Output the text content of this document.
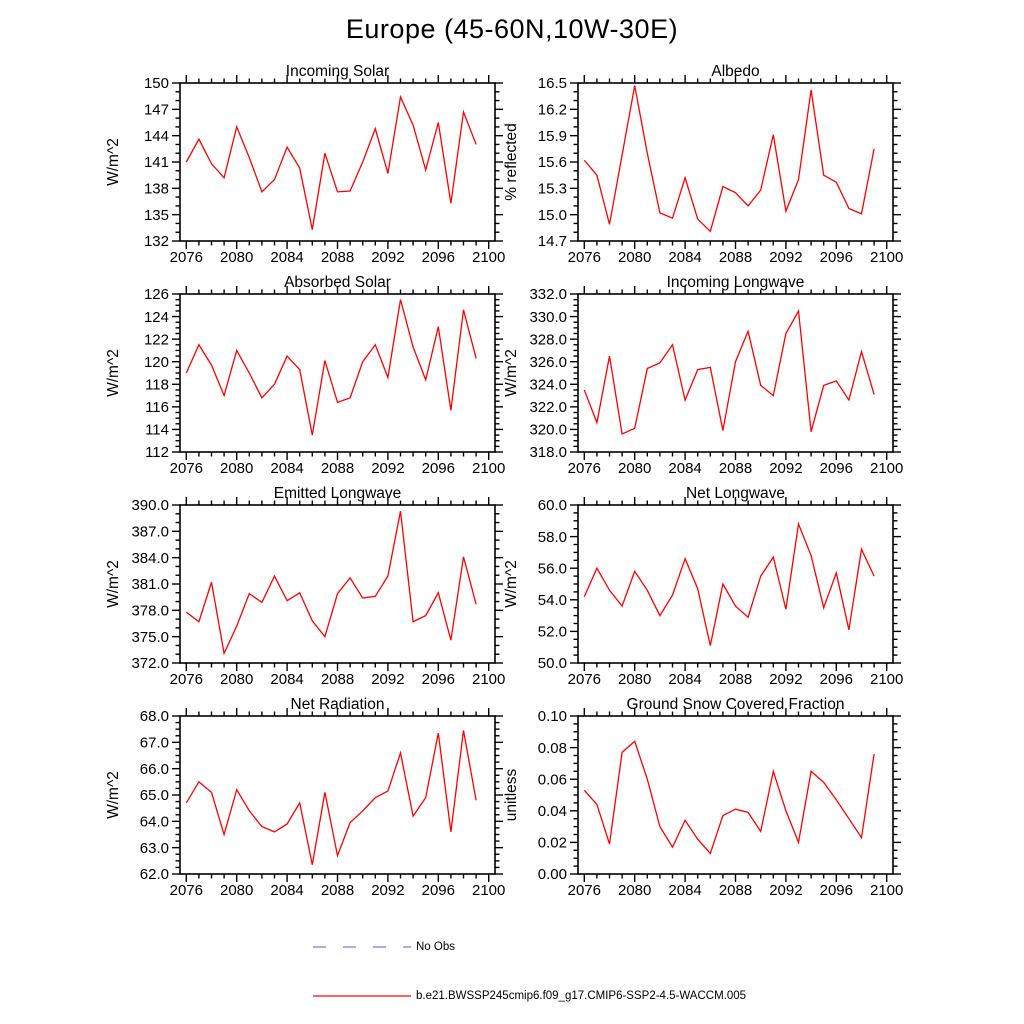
Europe (45-60N,10W-30E)
2076 2080 2084 2088 2092 2096 2100
132
135
138
141
144
147
150
Incoming Solar
W/m^2
2076 2080 2084 2088 2092 2096 2100
14.7
15.0
15.3
15.6
15.9
16.2
16.5
Albedo
% reflected
2076 2080 2084 2088 2092 2096 2100
112
114
116
118
120
122
124
126
Absorbed Solar
W/m^2
2076 2080 2084 2088 2092 2096 2100
318.0
320.0
322.0
324.0
326.0
328.0
330.0
332.0
Incoming Longwave
W/m^2
2076 2080 2084 2088 2092 2096 2100
372.0
375.0
378.0
381.0
384.0
387.0
390.0
Emitted Longwave
W/m^2
2076 2080 2084 2088 2092 2096 2100
50.0
52.0
54.0
56.0
58.0
60.0
Net Longwave
W/m^2
2076 2080 2084 2088 2092 2096 2100
62.0
63.0
64.0
65.0
66.0
67.0
68.0
Net Radiation
W/m^2
2076 2080 2084 2088 2092 2096 2100
0.00
0.02
0.04
0.06
0.08
0.10
Ground Snow Covered Fraction
unitless
No Obs
b.e21.BWSSP245cmip6.f09_g17.CMIP6-SSP2-4.5-WACCM.005
